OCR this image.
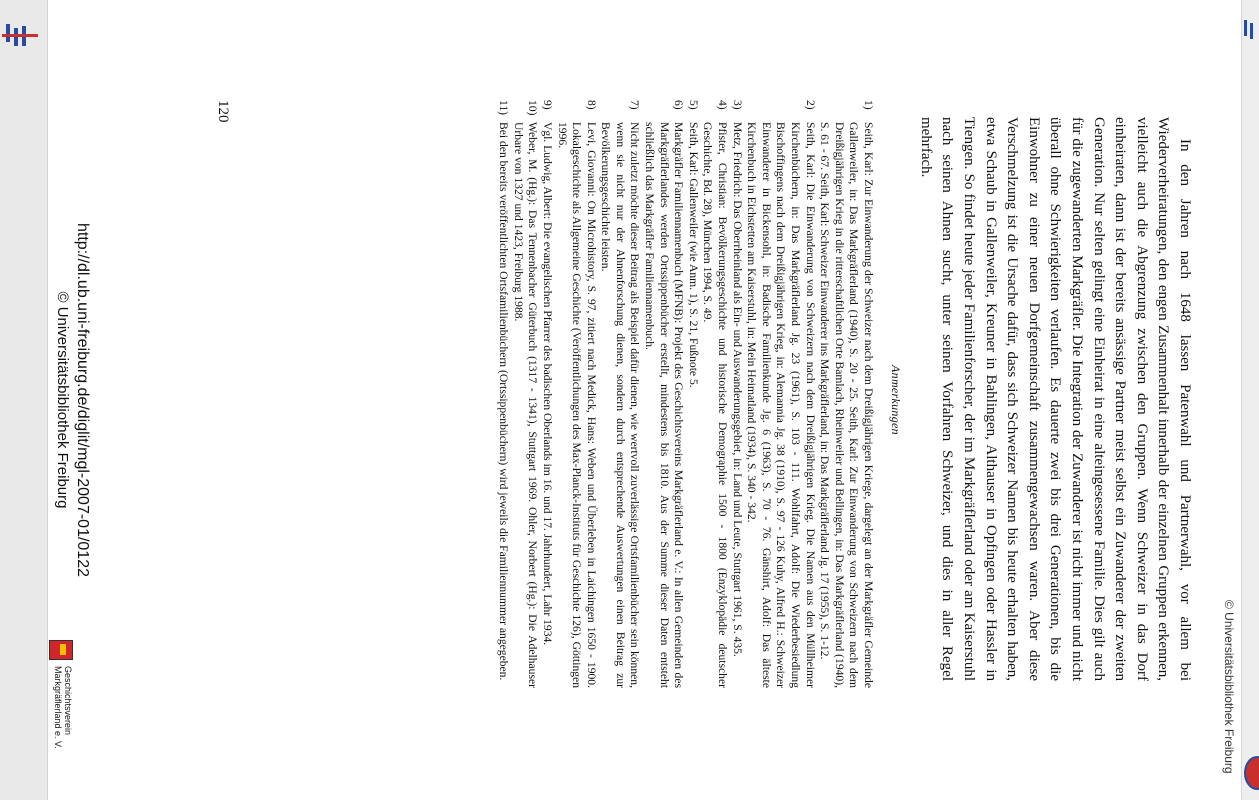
© Universitätsbibliothek Freiburg
In den Jahren nach 1648 lassen Patenwahl und Partnerwahl, vor allem bei Wiederverheiratungen, den engen Zusammenhalt innerhalb der einzelnen Gruppen erkennen, vielleicht auch die Abgrenzung zwischen den Gruppen. Wenn Schweizer in das Dorf einheiraten, dann ist der bereits ansässige Partner meist selbst ein Zuwanderer der zweiten Generation. Nur selten gelingt eine Einheirat in eine alteingesessene Familie. Dies gilt auch für die zugewanderten Markgräfler. Die Integration der Zuwanderer ist nicht immer und nicht überall ohne Schwierigkeiten verlaufen. Es dauerte zwei bis drei Generationen, bis die Einwohner zu einer neuen Dorfgemeinschaft zusammengewachsen waren. Aber diese Verschmelzung ist die Ursache dafür, dass sich Schweizer Namen bis heute erhalten haben, etwa Schaub in Gallenweiler, Kreuner in Bahlingen, Althauser in Opfingen oder Hassler in Tiengen. So findet heute jeder Familienforscher, der im Markgräflerland oder am Kaiserstuhl nach seinen Ahnen sucht, unter seinen Vorfahren Schweizer, und dies in aller Regel mehrfach.
Anmerkungen
1)
Seith, Karl: Zur Einwanderung der Schweizer nach dem Dreißigjährigen Kriege, dargelegt an der Markgräfler Gemeinde Gallenweiler, in: Das Markgräflerland (1940), S. 20 - 25. Seith, Karl: Zur Einwanderung von Schweizern nach dem Dreißigjährigen Krieg in die ritterschaftlichen Orte Bamlach, Rheinweiler und Bellingen, in: Das Markgräflerland (1940), S. 61 - 67. Seith, Karl: Schweizer Einwanderer ins Markgräflerland, in: Das Markgräflerland Jg. 17 (1955), S. 1-12.
2)
Seith, Karl: Die Einwanderung von Schweizern nach dem Dreißigjährigen Krieg. Die Namen aus den Müllheimer Kirchenbüchern, in: Das Markgräflerland Jg. 23 (1961), S. 103 - 111. Wohlfahrt, Adolf: Die Wiederbesiedlung Bischoffingens nach dem Dreißigjährigen Krieg, in: Alemannia Jg. 38 (1910), S. 97 - 126 Kuhy, Alfred H.: Schweizer Einwanderer in Bickensohl, in: Badische Familienkunde Jg. 6 (1963), S. 70 - 76. Gänshirt, Adolf: Das älteste Kirchenbuch in Eichstetten am Kaiserstuhl, in: Mein Heimatland (1934), S. 340 - 342.
3)
Metz, Friedrich: Das Oberrheinland als Ein- und Auswanderungsgebiet, in: Land und Leute, Stuttgart 1961, S. 435.
4)
Pfister, Christian: Bevölkerungsgeschichte und historische Demographie 1500 - 1800 (Enzyklopädie deutscher Geschichte, Bd. 28), München 1994, S. 49.
5)
Seith, Karl: Gallenweiler (wie Anm. 1), S. 21, Fußnote 5.
6)
Markgräfler Familiennamenbuch (MFNB): Projekt des Geschichtsvereins Markgräflerland e. V.: In allen Gemeinden des Markgräflerlandes werden Ortssippenbücher erstellt, mindestens bis 1810. Aus der Summe dieser Daten entsteht schließlich das Markgräfler Familiennamenbuch.
7)
Nicht zuletzt möchte dieser Beitrag als Beispiel dafür dienen, wie wertvoll zuverlässige Ortsfamilienbücher sein können, wenn sie nicht nur der Ahnenforschung dienen, sondern durch entsprechende Auswertungen einen Beitrag zur Bevölkerungsgeschichte leisten.
8)
Levi, Giovanni: On Microhistory, S. 97, zitiert nach Medick, Hans: Weben und Überleben in Laichingen 1650 - 1900. Lokalgeschichte als Allgemeine Geschichte (Veröffentlichungen des Max-Planck-Instituts für Geschichte 126), Göttingen 1996.
9)
Vgl. Ludwig, Albert: Die evangelischen Pfarrer des badischen Oberlands im 16. und 17. Jahrhundert, Lahr 1934.
10)
Weber, M. (Hg.): Das Tennenbacher Güterbuch (1317 - 1341), Stuttgart 1969. Ohler, Norbert (Hg.): Die Adelhauser Urbare von 1327 und 1423, Freiburg 1988.
11)
Bei den bereits veröffentlichten Ortsfamilienbüchern (Ortssippenbüchern) wird jeweils die Familiennummer angegeben.
120
http://dl.ub.uni-freiburg.de/diglit/mgl-2007-01/0122
© Universitätsbibliothek Freiburg
Geschichtsverein
Markgräflerland e. V.
